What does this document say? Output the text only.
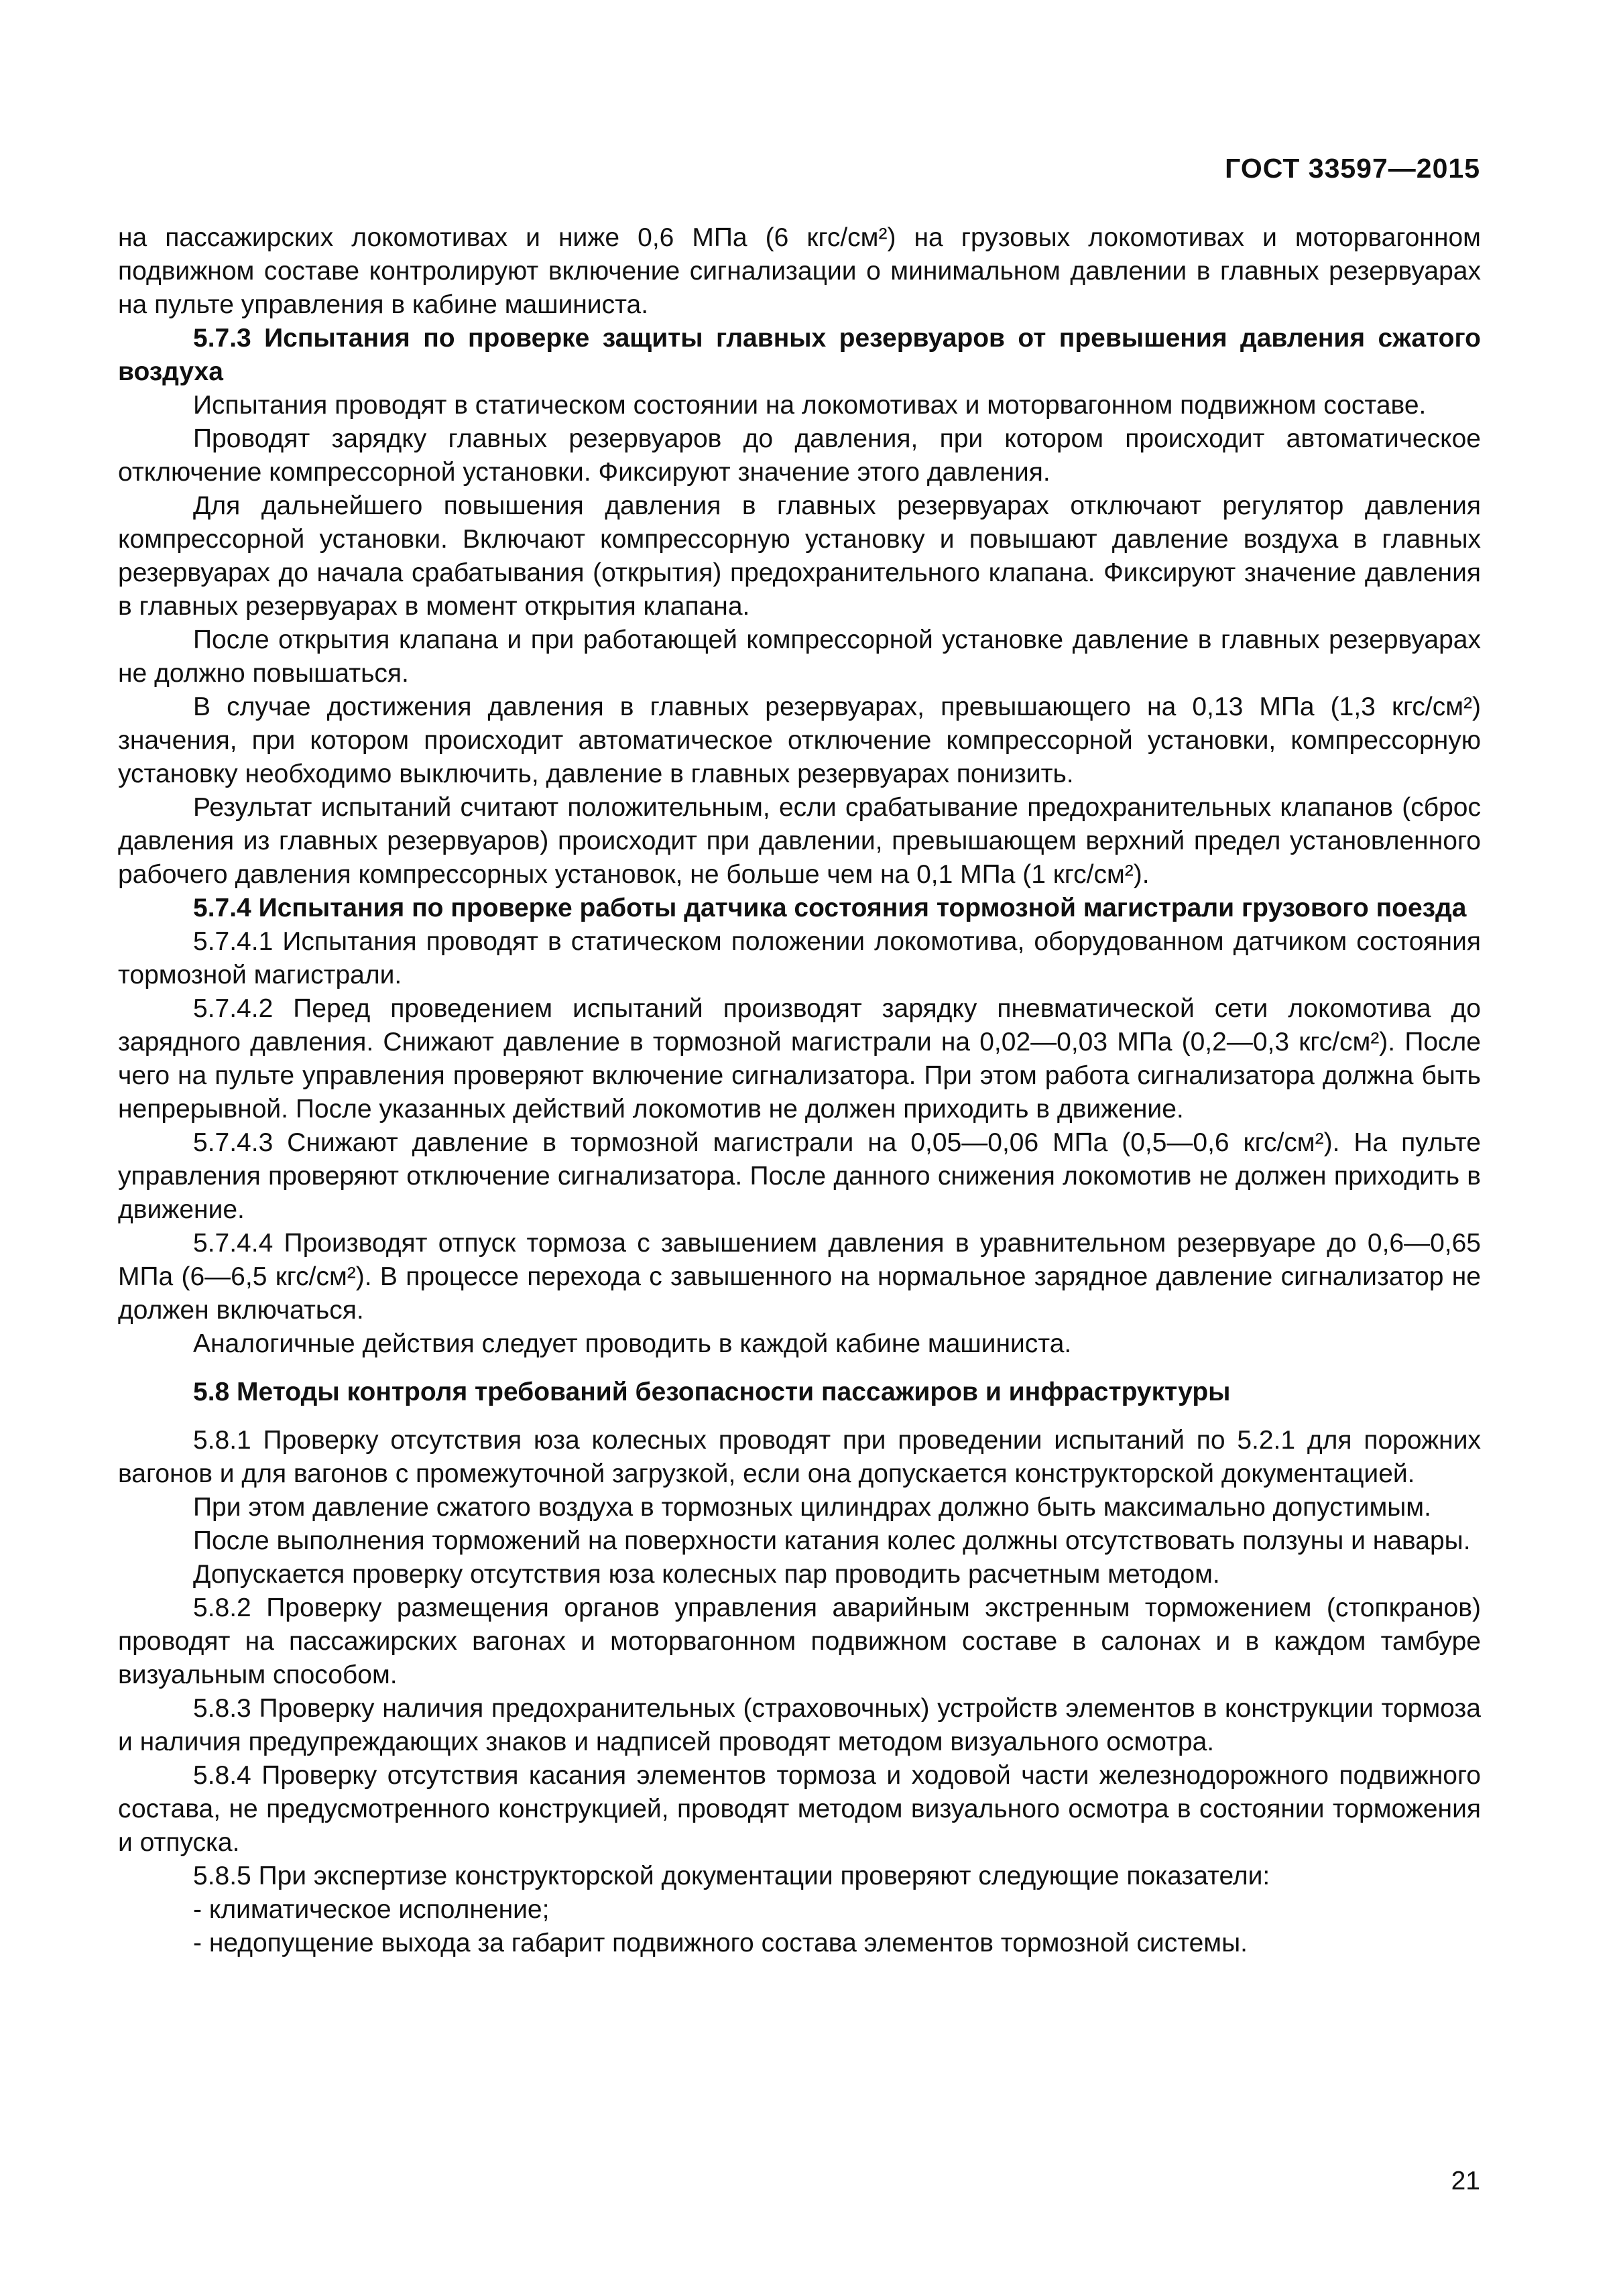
ГОСТ 33597—2015

на пассажирских локомотивах и ниже 0,6 МПа (6 кгс/см²) на грузовых локомотивах и моторвагонном подвижном составе контролируют включение сигнализации о минимальном давлении в главных резервуарах на пульте управления в кабине машиниста.

5.7.3 Испытания по проверке защиты главных резервуаров от превышения давления сжатого воздуха

Испытания проводят в статическом состоянии на локомотивах и моторвагонном подвижном составе.

Проводят зарядку главных резервуаров до давления, при котором происходит автоматическое отключение компрессорной установки. Фиксируют значение этого давления.

Для дальнейшего повышения давления в главных резервуарах отключают регулятор давления компрессорной установки. Включают компрессорную установку и повышают давление воздуха в главных резервуарах до начала срабатывания (открытия) предохранительного клапана. Фиксируют значение давления в главных резервуарах в момент открытия клапана.

После открытия клапана и при работающей компрессорной установке давление в главных резервуарах не должно повышаться.

В случае достижения давления в главных резервуарах, превышающего на 0,13 МПа (1,3 кгс/см²) значения, при котором происходит автоматическое отключение компрессорной установки, компрессорную установку необходимо выключить, давление в главных резервуарах понизить.

Результат испытаний считают положительным, если срабатывание предохранительных клапанов (сброс давления из главных резервуаров) происходит при давлении, превышающем верхний предел установленного рабочего давления компрессорных установок, не больше чем на 0,1 МПа (1 кгс/см²).

5.7.4 Испытания по проверке работы датчика состояния тормозной магистрали грузового поезда

5.7.4.1 Испытания проводят в статическом положении локомотива, оборудованном датчиком состояния тормозной магистрали.

5.7.4.2 Перед проведением испытаний производят зарядку пневматической сети локомотива до зарядного давления. Снижают давление в тормозной магистрали на 0,02—0,03 МПа (0,2—0,3 кгс/см²). После чего на пульте управления проверяют включение сигнализатора. При этом работа сигнализатора должна быть непрерывной. После указанных действий локомотив не должен приходить в движение.

5.7.4.3 Снижают давление в тормозной магистрали на 0,05—0,06 МПа (0,5—0,6 кгс/см²). На пульте управления проверяют отключение сигнализатора. После данного снижения локомотив не должен приходить в движение.

5.7.4.4 Производят отпуск тормоза с завышением давления в уравнительном резервуаре до 0,6—0,65 МПа (6—6,5 кгс/см²). В процессе перехода с завышенного на нормальное зарядное давление сигнализатор не должен включаться.

Аналогичные действия следует проводить в каждой кабине машиниста.

5.8 Методы контроля требований безопасности пассажиров и инфраструктуры

5.8.1 Проверку отсутствия юза колесных проводят при проведении испытаний по 5.2.1 для порожних вагонов и для вагонов с промежуточной загрузкой, если она допускается конструкторской документацией.

При этом давление сжатого воздуха в тормозных цилиндрах должно быть максимально допустимым.

После выполнения торможений на поверхности катания колес должны отсутствовать ползуны и навары.

Допускается проверку отсутствия юза колесных пар проводить расчетным методом.

5.8.2 Проверку размещения органов управления аварийным экстренным торможением (стопкранов) проводят на пассажирских вагонах и моторвагонном подвижном составе в салонах и в каждом тамбуре визуальным способом.

5.8.3 Проверку наличия предохранительных (страховочных) устройств элементов в конструкции тормоза и наличия предупреждающих знаков и надписей проводят методом визуального осмотра.

5.8.4 Проверку отсутствия касания элементов тормоза и ходовой части железнодорожного подвижного состава, не предусмотренного конструкцией, проводят методом визуального осмотра в состоянии торможения и отпуска.

5.8.5 При экспертизе конструкторской документации проверяют следующие показатели:

- климатическое исполнение;

- недопущение выхода за габарит подвижного состава элементов тормозной системы.

21
